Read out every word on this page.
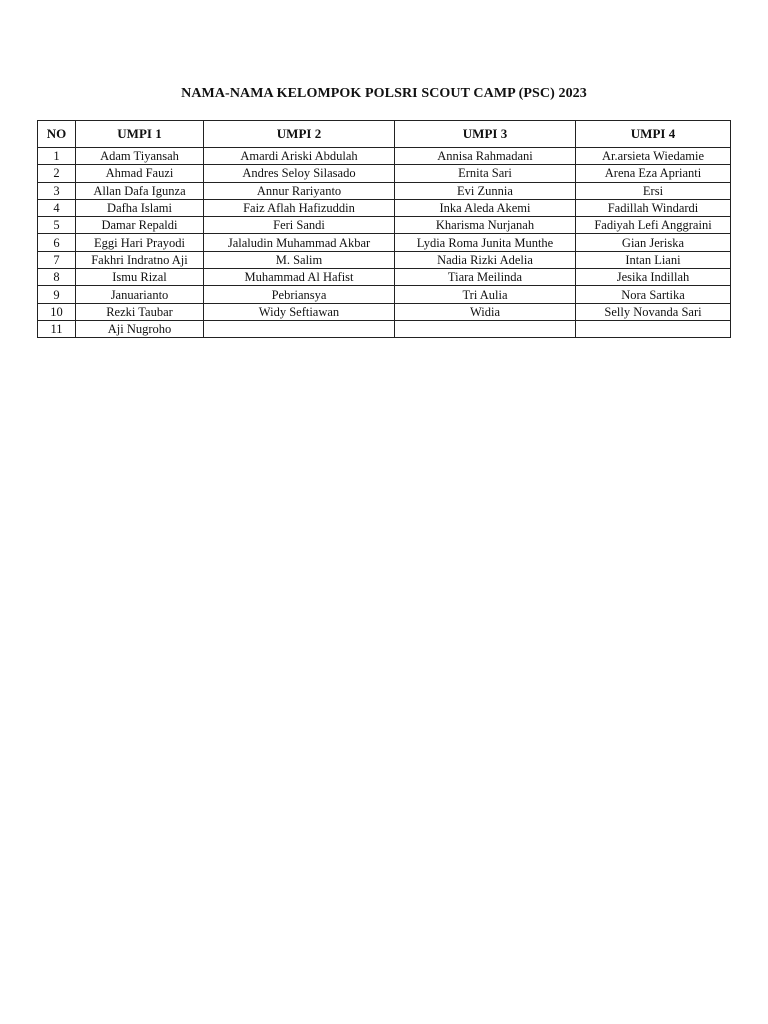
NAMA-NAMA KELOMPOK POLSRI SCOUT CAMP (PSC) 2023
NO	UMPI 1	UMPI 2	UMPI 3	UMPI 4
1	Adam Tiyansah	Amardi Ariski Abdulah	Annisa Rahmadani	Ar.arsieta Wiedamie
2	Ahmad Fauzi	Andres Seloy Silasado	Ernita Sari	Arena Eza Aprianti
3	Allan Dafa Igunza	Annur Rariyanto	Evi Zunnia	Ersi
4	Dafha Islami	Faiz Aflah Hafizuddin	Inka Aleda Akemi	Fadillah Windardi
5	Damar Repaldi	Feri Sandi	Kharisma Nurjanah	Fadiyah Lefi Anggraini
6	Eggi Hari Prayodi	Jalaludin Muhammad Akbar	Lydia Roma Junita Munthe	Gian Jeriska
7	Fakhri Indratno Aji	M. Salim	Nadia Rizki Adelia	Intan Liani
8	Ismu Rizal	Muhammad Al Hafist	Tiara Meilinda	Jesika Indillah
9	Januarianto	Pebriansya	Tri Aulia	Nora Sartika
10	Rezki Taubar	Widy Seftiawan	Widia	Selly Novanda Sari
11	Aji Nugroho			
